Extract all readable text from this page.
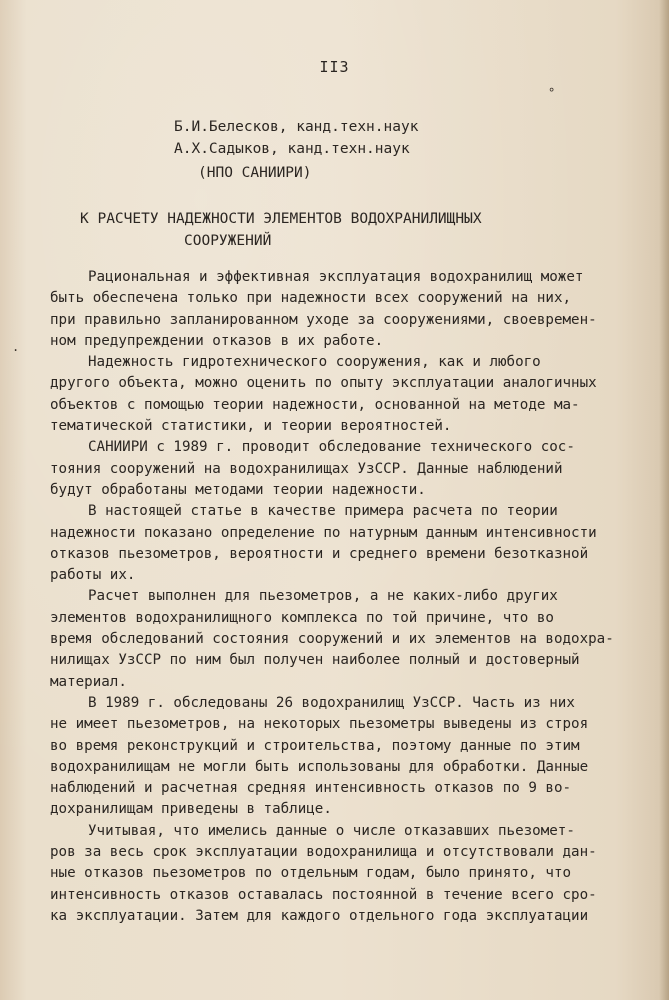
II3
°
.
Б.И.Белесков, канд.техн.наук
А.Х.Садыков, канд.техн.наук
(НПО САНИИРИ)
К РАСЧЕТУ НАДЕЖНОСТИ ЭЛЕМЕНТОВ ВОДОХРАНИЛИЩНЫХ
СООРУЖЕНИЙ
Рациональная и эффективная эксплуатация водохранилищ может
быть обеспечена только при надежности всех сооружений на них,
при правильно запланированном уходе за сооружениями, своевремен-
ном предупреждении отказов в их работе.
Надежность гидротехнического сооружения, как и любого
другого объекта, можно оценить по опыту эксплуатации аналогичных
объектов с помощью теории надежности, основанной на методе ма-
тематической статистики, и теории вероятностей.
САНИИРИ с 1989 г. проводит обследование технического сос-
тояния сооружений на водохранилищах УзССР. Данные наблюдений
будут обработаны методами теории надежности.
В настоящей статье в качестве примера расчета по теории
надежности показано определение по натурным данным интенсивности
отказов пьезометров, вероятности и среднего времени безотказной
работы их.
Расчет выполнен для пьезометров, а не каких-либо других
элементов водохранилищного комплекса по той причине, что во
время обследований состояния сооружений и их элементов на водохра-
нилищах УзССР по ним был получен наиболее полный и достоверный
материал.
В 1989 г. обследованы 26 водохранилищ УзССР. Часть из них
не имеет пьезометров, на некоторых пьезометры выведены из строя
во время реконструкций и строительства, поэтому данные по этим
водохранилищам не могли быть использованы для обработки. Данные
наблюдений и расчетная средняя интенсивность отказов по 9 во-
дохранилищам приведены в таблице.
Учитывая, что имелись данные о числе отказавших пьезомет-
ров за весь срок эксплуатации водохранилища и отсутствовали дан-
ные отказов пьезометров по отдельным годам, было принято, что
интенсивность отказов оставалась постоянной в течение всего сро-
ка эксплуатации. Затем для каждого отдельного года эксплуатации
